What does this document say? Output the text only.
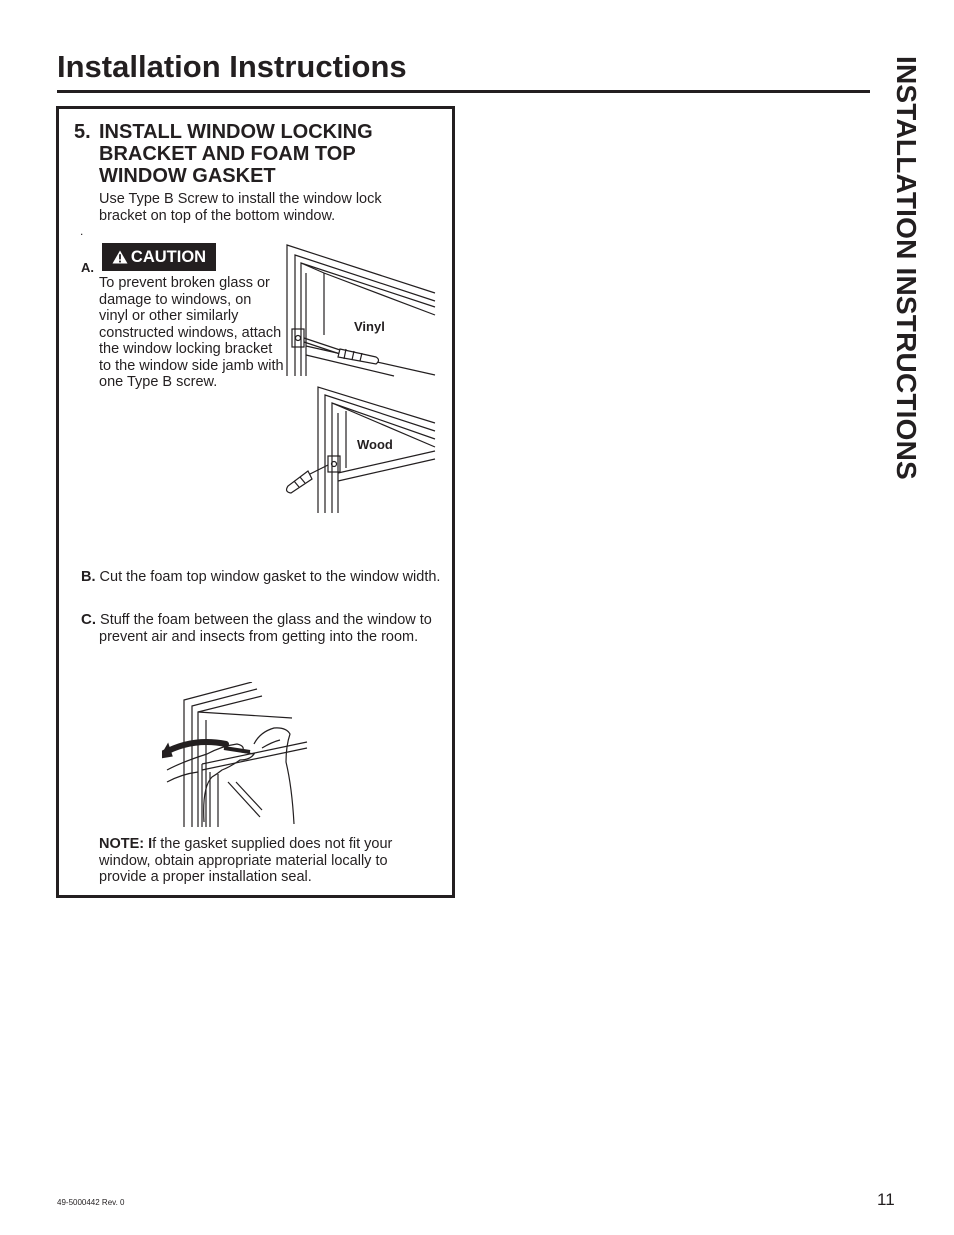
Installation Instructions	INSTALLATION INSTRUCTIONS
5. INSTALL WINDOW LOCKING BRACKET AND FOAM TOP WINDOW GASKET
Use Type B Screw to install the window lock bracket on top of the bottom window.
.
A.
CAUTION
To prevent broken glass or damage to windows, on vinyl or other similarly constructed windows, attach the window locking bracket to the window side jamb with one Type B screw.
Vinyl
Wood
B. Cut the foam top window gasket to the window width.
C. Stuff the foam between the glass and the window to prevent air and insects from getting into the room.
NOTE: If the gasket supplied does not fit your window, obtain appropriate material locally to provide a proper installation seal.
49-5000442 Rev. 0	11
